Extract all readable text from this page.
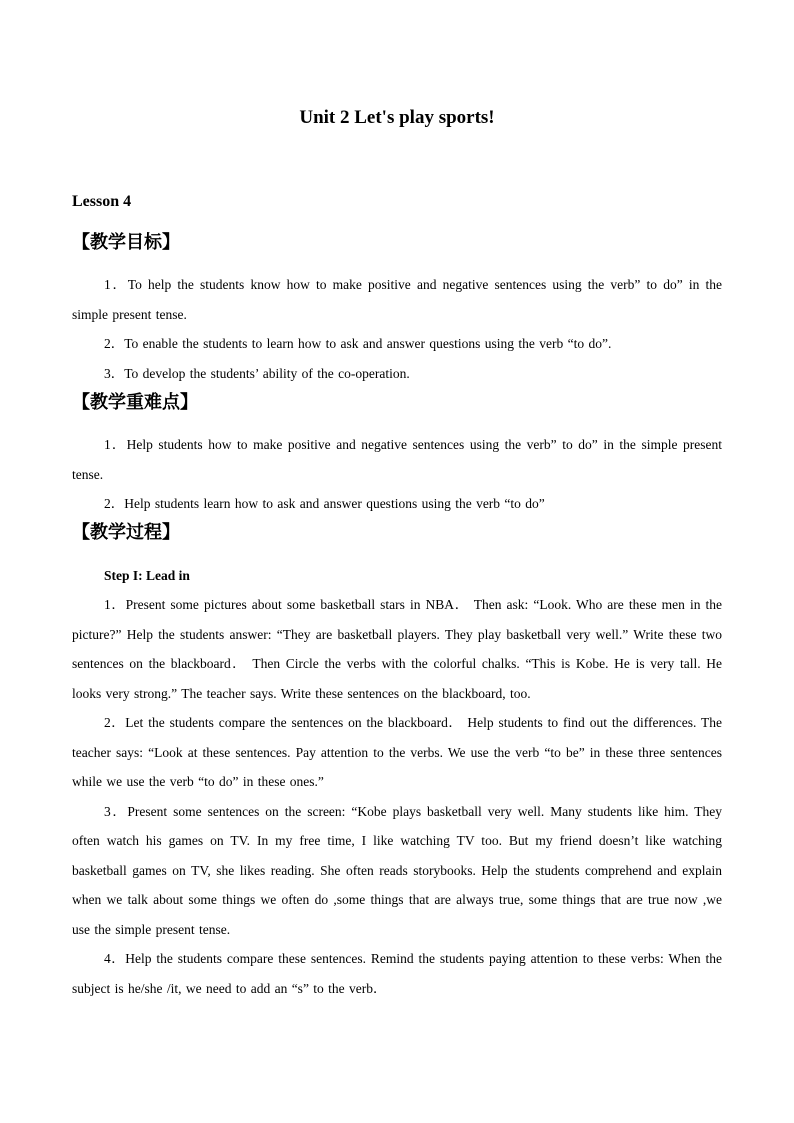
Unit 2 Let's play sports!
Lesson 4
【教学目标】

1．To help the students know how to make positive and negative sentences using the verb” to do” in the simple present tense.

2．To enable the students to learn how to ask and answer questions using the verb “to do”.

3．To develop the students’ ability of the co-operation.

【教学重难点】

1．Help students how to make positive and negative sentences using the verb” to do” in the simple present tense.

2．Help students learn how to ask and answer questions using the verb “to do”

【教学过程】

Step I: Lead in

1．Present some pictures about some basketball stars in NBA． Then ask: “Look. Who are these men in the picture?” Help the students answer: “They are basketball players. They play basketball very well.” Write these two sentences on the blackboard． Then Circle the verbs with the colorful chalks. “This is Kobe. He is very tall. He looks very strong.” The teacher says. Write these sentences on the blackboard, too.

2．Let the students compare the sentences on the blackboard． Help students to find out the differences. The teacher says: “Look at these sentences. Pay attention to the verbs. We use the verb “to be” in these three sentences while we use the verb “to do” in these ones.”

3．Present some sentences on the screen: “Kobe plays basketball very well. Many students like him. They often watch his games on TV. In my free time, I like watching TV too. But my friend doesn’t like watching basketball games on TV, she likes reading. She often reads storybooks. Help the students comprehend and explain when we talk about some things we often do ,some things that are always true, some things that are true now ,we use the simple present tense.

4．Help the students compare these sentences. Remind the students paying attention to these verbs: When the subject is he/she /it, we need to add an “s” to the verb．
